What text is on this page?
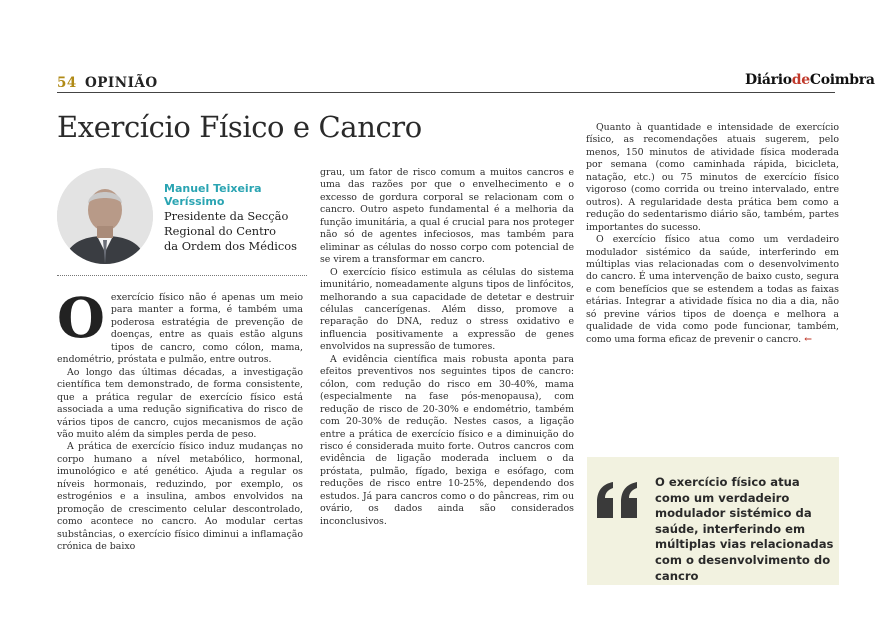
54 OPINIÃO	DiáriodeCoimbra
Exercício Físico e Cancro
Manuel Teixeira
Veríssimo
Presidente da Secção
Regional do Centro
da Ordem dos Médicos
O exercício físico não é apenas um meio para manter a forma, é também uma poderosa estratégia de prevenção de doenças, entre as quais estão alguns tipos de cancro, como cólon, mama, endométrio, próstata e pulmão, entre outros.

Ao longo das últimas décadas, a investigação científica tem demonstrado, de forma consistente, que a prática regular de exercício físico está associada a uma redução significativa do risco de vários tipos de cancro, cujos mecanismos de ação vão muito além da simples perda de peso.

A prática de exercício físico induz mudanças no corpo humano a nível metabólico, hormonal, imunológico e até genético. Ajuda a regular os níveis hormonais, reduzindo, por exemplo, os estrogénios e a insulina, ambos envolvidos na promoção de crescimento celular descontrolado, como acontece no cancro. Ao modular certas substâncias, o exercício físico diminui a inflamação crónica de baixo

grau, um fator de risco comum a muitos cancros e uma das razões por que o envelhecimento e o excesso de gordura corporal se relacionam com o cancro. Outro aspeto fundamental é a melhoria da função imunitária, a qual é crucial para nos proteger não só de agentes infeciosos, mas também para eliminar as células do nosso corpo com potencial de se virem a transformar em cancro.

O exercício físico estimula as células do sistema imunitário, nomeadamente alguns tipos de linfócitos, melhorando a sua capacidade de detetar e destruir células cancerígenas. Além disso, promove a reparação do DNA, reduz o stress oxidativo e influencia positivamente a expressão de genes envolvidos na supressão de tumores.

A evidência científica mais robusta aponta para efeitos preventivos nos seguintes tipos de cancro: cólon, com redução do risco em 30-40%, mama (especialmente na fase pós-menopausa), com redução de risco de 20-30% e endométrio, também com 20-30% de redução. Nestes casos, a ligação entre a prática de exercício físico e a diminuição do risco é considerada muito forte. Outros cancros com evidência de ligação moderada incluem o da próstata, pulmão, fígado, bexiga e esófago, com reduções de risco entre 10-25%, dependendo dos estudos. Já para cancros como o do pâncreas, rim ou ovário, os dados ainda são considerados inconclusivos.

Quanto à quantidade e intensidade de exercício físico, as recomendações atuais sugerem, pelo menos, 150 minutos de atividade física moderada por semana (como caminhada rápida, bicicleta, natação, etc.) ou 75 minutos de exercício físico vigoroso (como corrida ou treino intervalado, entre outros). A regularidade desta prática bem como a redução do sedentarismo diário são, também, partes importantes do sucesso.

O exercício físico atua como um verdadeiro modulador sistémico da saúde, interferindo em múltiplas vias relacionadas com o desenvolvimento do cancro. É uma intervenção de baixo custo, segura e com benefícios que se estendem a todas as faixas etárias. Integrar a atividade física no dia a dia, não só previne vários tipos de doença e melhora a qualidade de vida como pode funcionar, também, como uma forma eficaz de prevenir o cancro. ←

O exercício físico atua como um verdadeiro modulador sistémico da saúde, interferindo em múltiplas vias relacionadas com o desenvolvimento do cancro
